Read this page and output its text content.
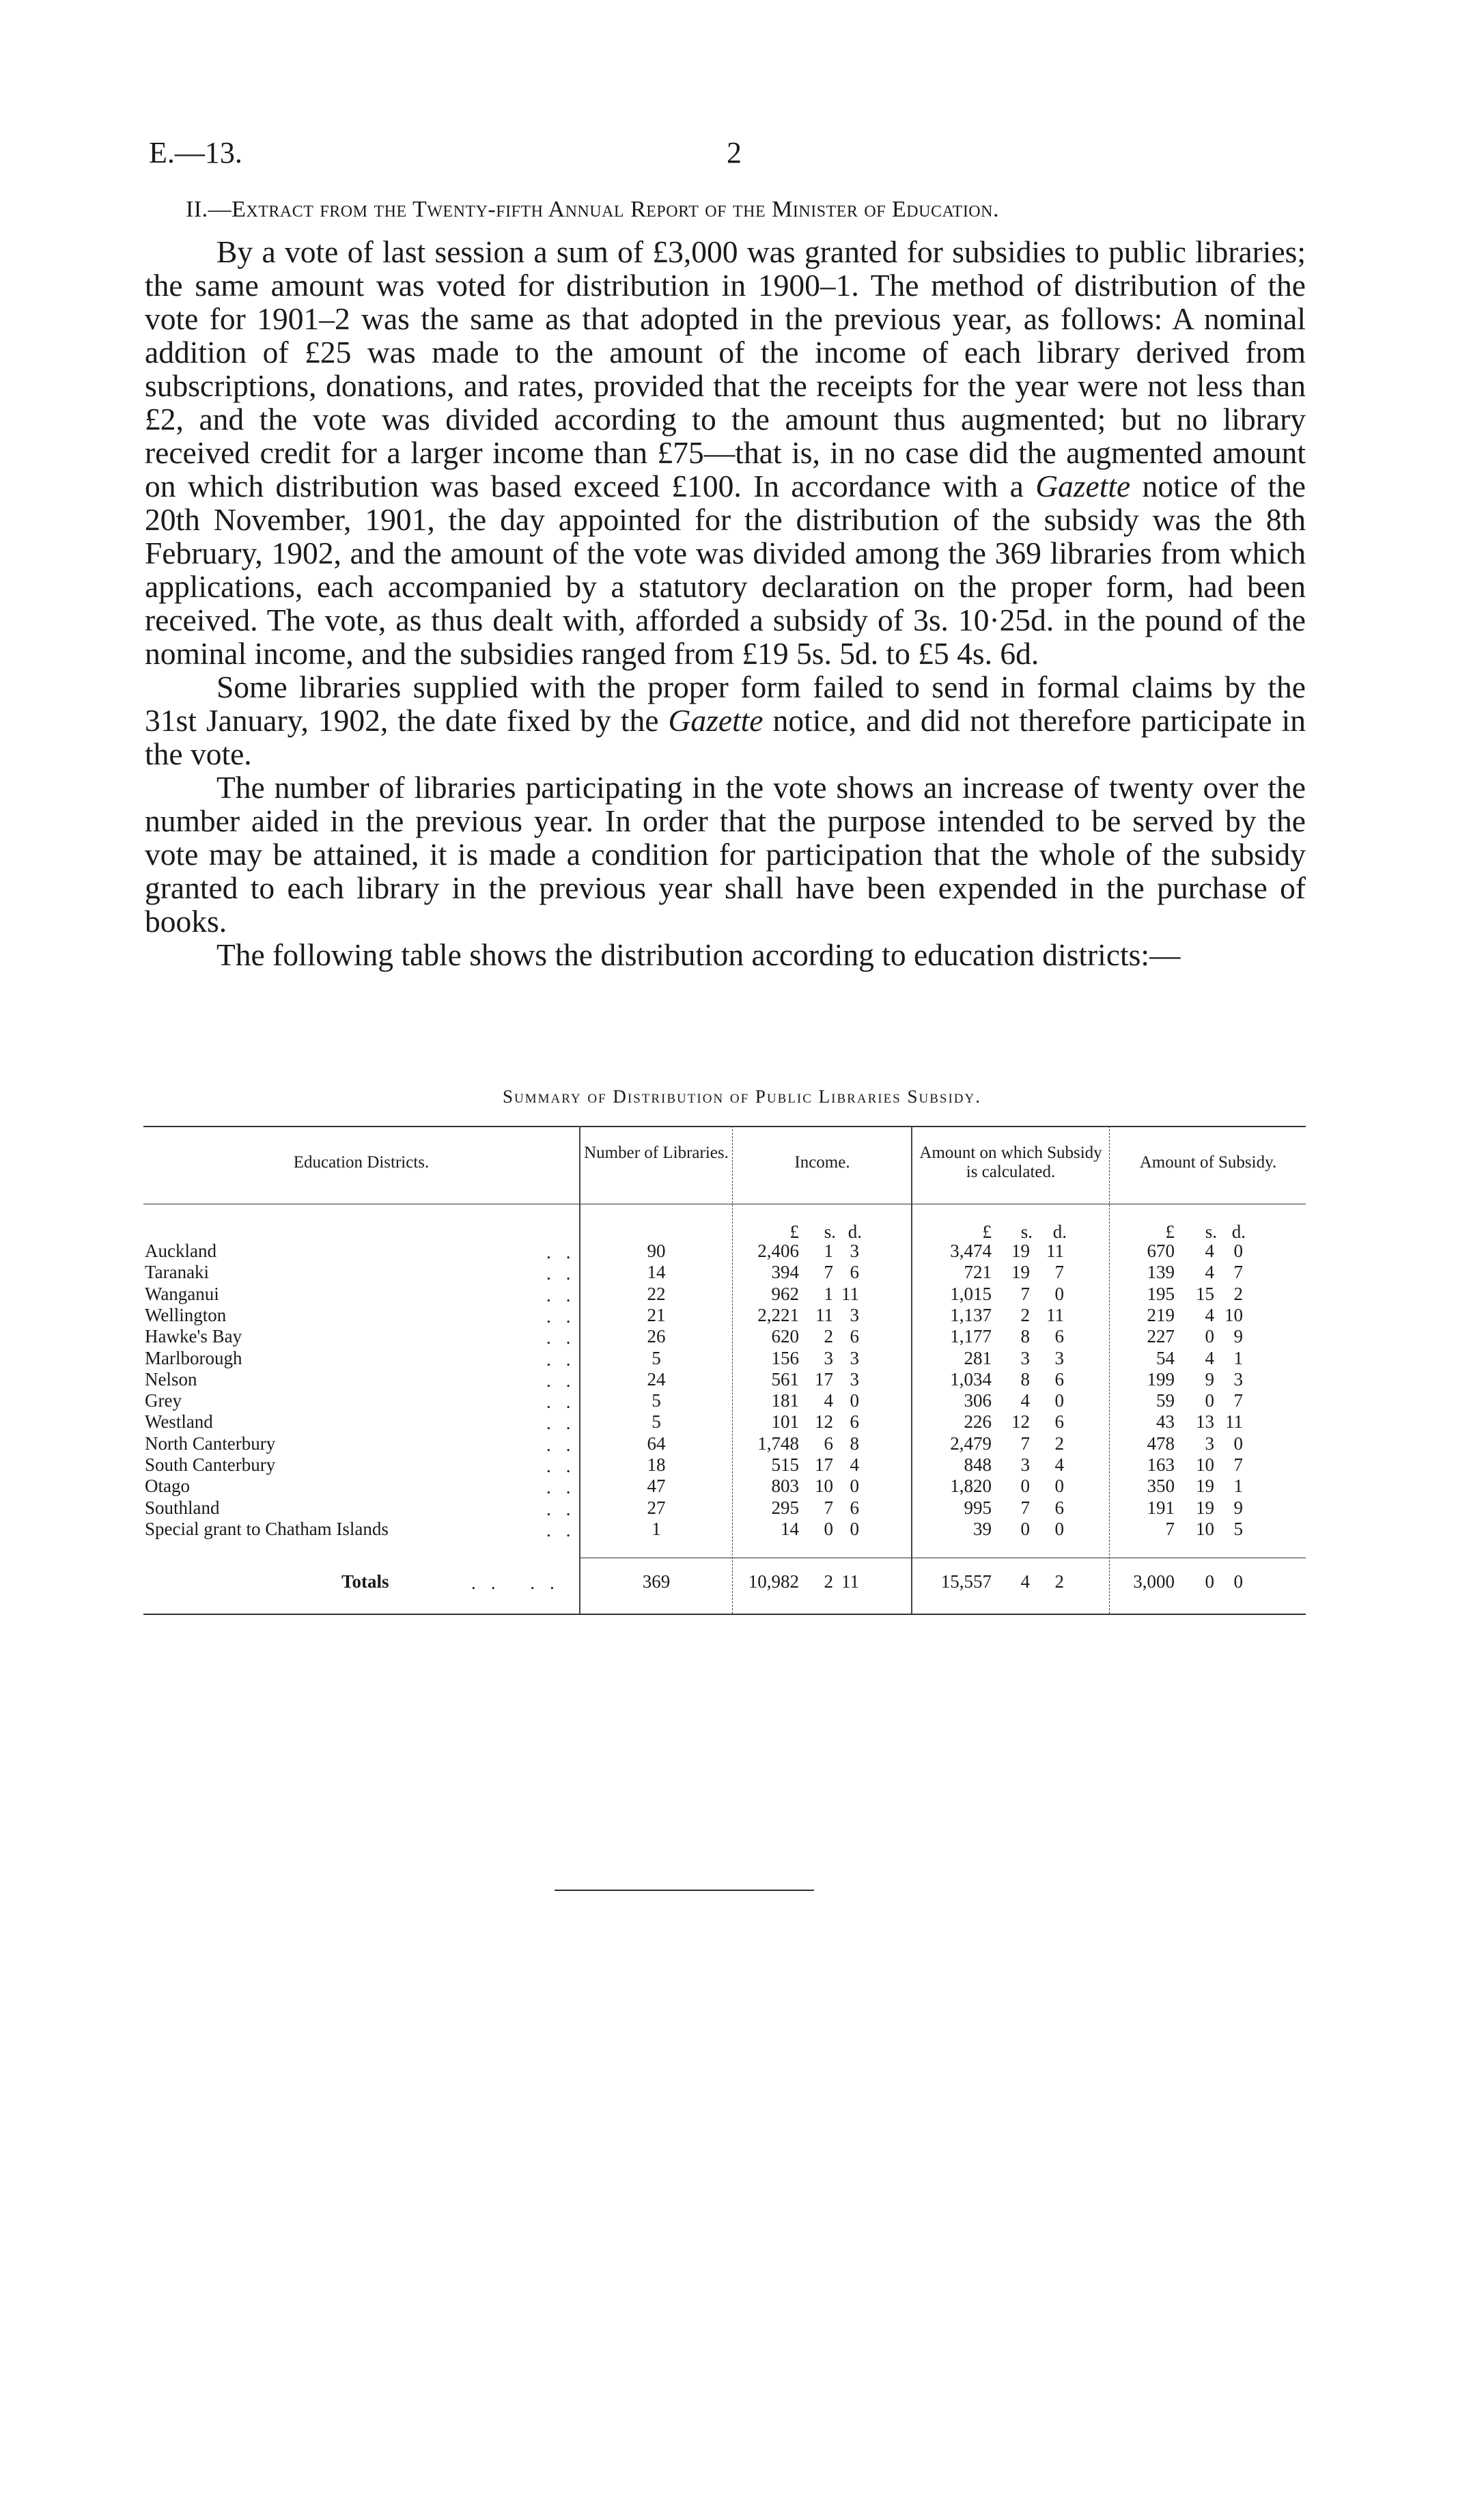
E.—13.	2
II.—Extract from the Twenty-fifth Annual Report of the Minister of Education.

By a vote of last session a sum of £3,000 was granted for subsidies to public libraries; the same amount was voted for distribution in 1900–1. The method of distribution of the vote for 1901–2 was the same as that adopted in the previous year, as follows: A nominal addition of £25 was made to the amount of the income of each library derived from subscriptions, donations, and rates, provided that the receipts for the year were not less than £2, and the vote was divided according to the amount thus augmented; but no library received credit for a larger income than £75—that is, in no case did the augmented amount on which distribution was based exceed £100. In accordance with a Gazette notice of the 20th November, 1901, the day appointed for the distribution of the subsidy was the 8th February, 1902, and the amount of the vote was divided among the 369 libraries from which applications, each accompanied by a statutory declaration on the proper form, had been received. The vote, as thus dealt with, afforded a subsidy of 3s. 10·25d. in the pound of the nominal income, and the subsidies ranged from £19 5s. 5d. to £5 4s. 6d.

Some libraries supplied with the proper form failed to send in formal claims by the 31st January, 1902, the date fixed by the Gazette notice, and did not therefore participate in the vote.

The number of libraries participating in the vote shows an increase of twenty over the number aided in the previous year. In order that the purpose intended to be served by the vote may be attained, it is made a condition for participation that the whole of the subsidy granted to each library in the previous year shall have been expended in the purchase of books.

The following table shows the distribution according to education districts:—

Summary of Distribution of Public Libraries Subsidy.
Education Districts.
Number of Libraries.
Income.
Amount on which Subsidy is calculated.
Amount of Subsidy.
£	s. d.	£	s.	d.	£	s. d.
Auckland	..	90	2,406	1 3	3,474	19 11	670	4	0
Taranaki	..	14	394	7 6	721	19	7	139	4	7
Wanganui	..	22	962	1 11	1,015	7	0	195	15	2
Wellington	..	21	2,221 11 3	1,137	2 11	219	4 10
Hawke's Bay	..	26	620	2 6	1,177	8	6	227	0	9
Marlborough	..	5	156	3 3	281	3	3	54	4	1
Nelson	..	24	561 17 3	1,034	8	6	199	9	3
Grey	..	5	181	4 0	306	4	0	59	0	7
Westland	..	5	101 12 6	226	12	6	43	13 11
North Canterbury	..	64	1,748	6 8	2,479	7	2	478	3	0
South Canterbury	..	18	515 17 4	848	3	4	163	10	7
Otago	..	47	803 10 0	1,820	0	0	350	19	1
Southland	..	27	295	7 6	995	7	6	191	19	9
Special grant to Chatham Islands	..	1	14	0 0	39	0	0	7	10	5
Totals	.. ..	369	10,982	2 11	15,557	4	2	3,000	0	0
